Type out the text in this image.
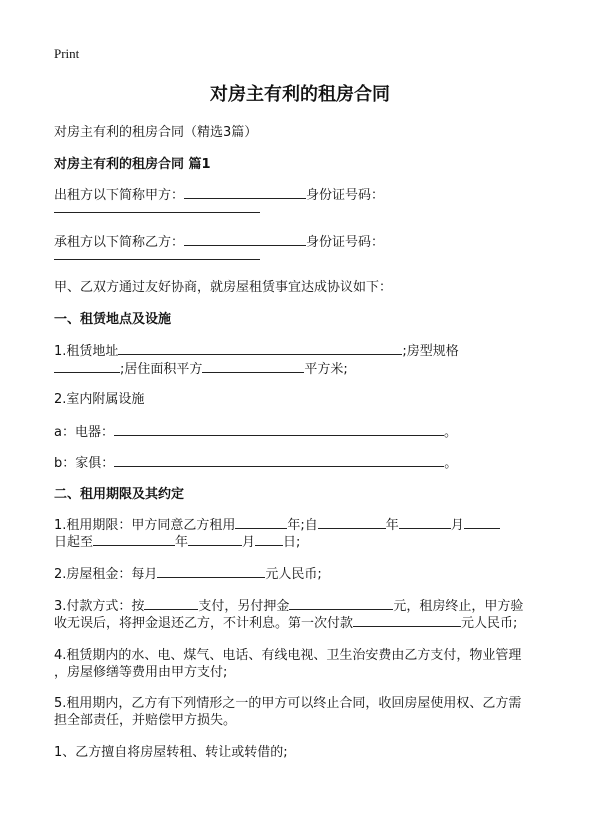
Print
对房主有利的租房合同
对房主有利的租房合同（精选3篇）
对房主有利的租房合同 篇1
出租方以下简称甲方：	身份证号码：
承租方以下简称乙方：	身份证号码：
甲、乙双方通过友好协商，就房屋租赁事宜达成协议如下：
一、租赁地点及设施
1.租赁地址	;房型规格
;居住面积平方	平方米;
2.室内附属设施
a：电器：	。
b：家俱：	。
二、租用期限及其约定
1.租用期限：甲方同意乙方租用	年;自	年	月
日起至	年	月 日;
2.房屋租金：每月	元人民币;
3.付款方式：按	支付，另付押金	元，租房终止，甲方验
收无误后，将押金退还乙方，不计利息。第一次付款	元人民币;
4.租赁期内的水、电、煤气、电话、有线电视、卫生治安费由乙方支付，物业管理
，房屋修缮等费用由甲方支付;
5.租用期内，乙方有下列情形之一的甲方可以终止合同，收回房屋使用权、乙方需
担全部责任，并赔偿甲方损失。
1、乙方擅自将房屋转租、转让或转借的;
